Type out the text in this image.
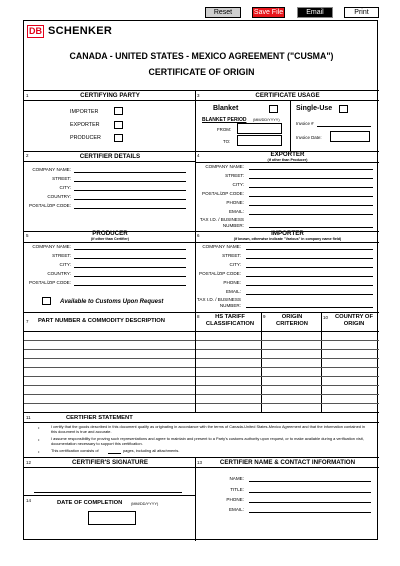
Reset	Save File	Email	Print
DB SCHENKER
CANADA - UNITED STATES - MEXICO AGREEMENT ("CUSMA")
CERTIFICATE OF ORIGIN
1	CERTIFYING PARTY	3	CERTIFICATE USAGE
IMPORTER
EXPORTER
PRODUCER
Blanket	Single-Use
BLANKET PERIOD (MM/DD/YYYY)
FROM:
TO:
Invoice #
Invoice Date:
2	CERTIFIER DETAILS
COMPANY NAME:
STREET:
CITY:
COUNTRY:
POSTAL/ZIP CODE:
4	EXPORTER
(if other than Producer)
COMPANY NAME:
STREET:
CITY:
POSTAL/ZIP CODE:
PHONE:
EMAIL:
TAX I.D. / BUSINESS
NUMBER:
5	PRODUCER
(if other than Certifier)
COMPANY NAME:
STREET:
CITY:
COUNTRY:
POSTAL/ZIP CODE:
Available to Customs Upon Request
6	IMPORTER
(if known, otherwise indicate "Various" in company name field)
COMPANY NAME:
STREET:
CITY:
POSTAL/ZIP CODE:
PHONE:
EMAIL:
TAX I.D. / BUSINESS
NUMBER:
7 PART NUMBER & COMMODITY DESCRIPTION
8	HS TARIFF
CLASSIFICATION
9	ORIGIN
CRITERION
10	COUNTRY OF
ORIGIN
11	CERTIFIER STATEMENT
•	I certify that the goods described in this document qualify as originating in accordance with the terms of Canada-United States-Mexico Agreement and that the information contained in this document is true and accurate.
•	I assume responsibility for proving such representations and agree to maintain and present to a Party's customs authority upon request, or to make available during a verification visit, documentation necessary to support this certification.
•	This certification consists of	pages, including all attachments.
12	CERTIFIER'S SIGNATURE	13	CERTIFIER NAME & CONTACT INFORMATION
NAME:
TITLE:
PHONE:
EMAIL:
14	DATE OF COMPLETION (MM/DD/YYYY)
